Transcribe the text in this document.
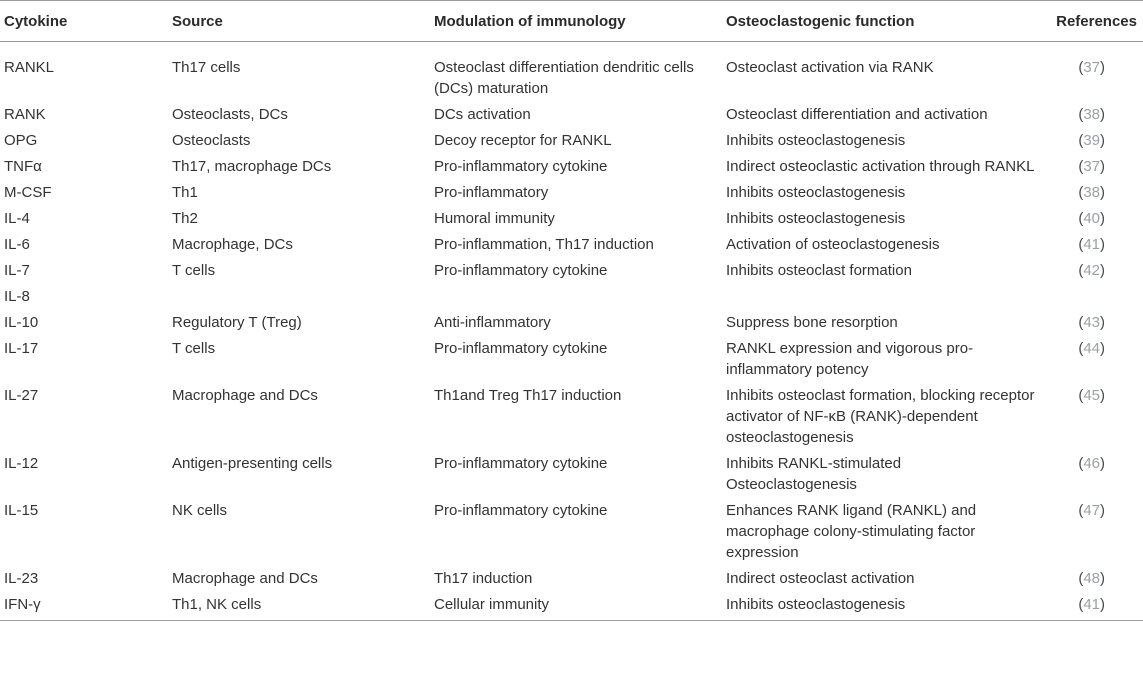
Cytokine	Source	Modulation of immunology	Osteoclastogenic function	References
RANKL	Th17 cells	Osteoclast differentiation dendritic cells (DCs) maturation	Osteoclast activation via RANK	(37)
RANK	Osteoclasts, DCs	DCs activation	Osteoclast differentiation and activation	(38)
OPG	Osteoclasts	Decoy receptor for RANKL	Inhibits osteoclastogenesis	(39)
TNFα	Th17, macrophage DCs	Pro-inflammatory cytokine	Indirect osteoclastic activation through RANKL	(37)
M-CSF	Th1	Pro-inflammatory	Inhibits osteoclastogenesis	(38)
IL-4	Th2	Humoral immunity	Inhibits osteoclastogenesis	(40)
IL-6	Macrophage, DCs	Pro-inflammation, Th17 induction	Activation of osteoclastogenesis	(41)
IL-7	T cells	Pro-inflammatory cytokine	Inhibits osteoclast formation	(42)
IL-8				
IL-10	Regulatory T (Treg)	Anti-inflammatory	Suppress bone resorption	(43)
IL-17	T cells	Pro-inflammatory cytokine	RANKL expression and vigorous pro-inflammatory potency	(44)
IL-27	Macrophage and DCs	Th1and Treg Th17 induction	Inhibits osteoclast formation, blocking receptor activator of NF-κB (RANK)-dependent osteoclastogenesis	(45)
IL-12	Antigen-presenting cells	Pro-inflammatory cytokine	Inhibits RANKL-stimulated Osteoclastogenesis	(46)
IL-15	NK cells	Pro-inflammatory cytokine	Enhances RANK ligand (RANKL) and macrophage colony-stimulating factor expression	(47)
IL-23	Macrophage and DCs	Th17 induction	Indirect osteoclast activation	(48)
IFN-γ	Th1, NK cells	Cellular immunity	Inhibits osteoclastogenesis	(41)
